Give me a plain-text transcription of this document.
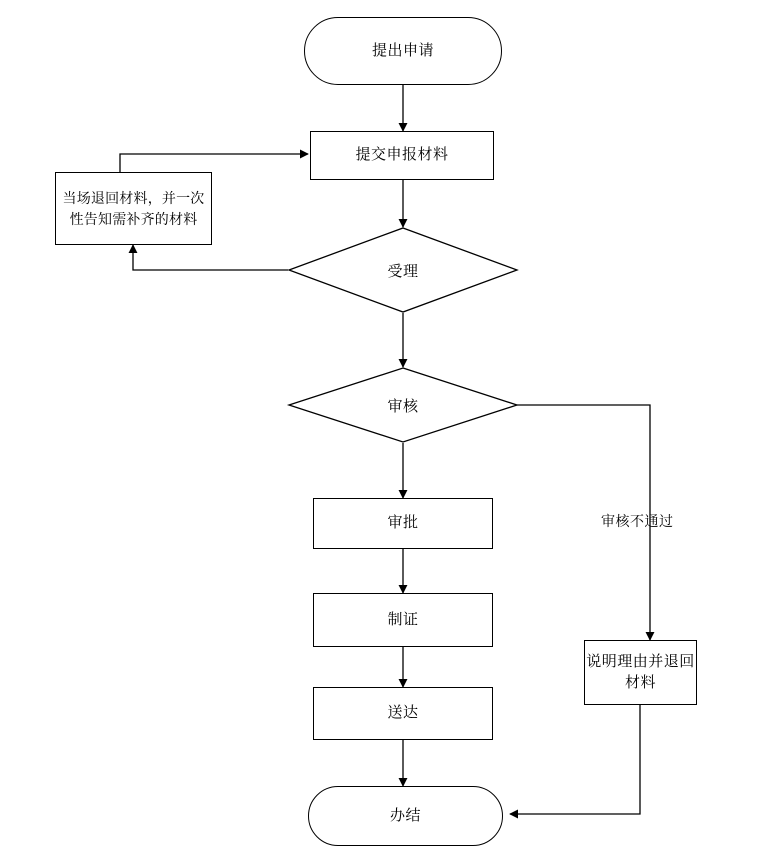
提出申请
提交申报材料
当场退回材料，并一次性告知需补齐的材料
受理
审核
审核不通过
审批
制证
送达
说明理由并退回材料
办结
